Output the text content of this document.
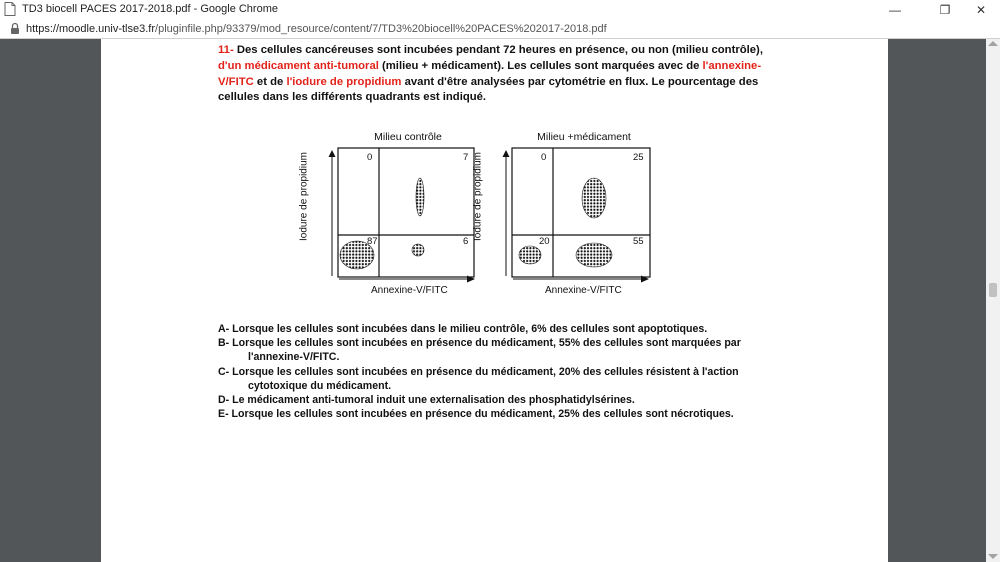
TD3 biocell PACES 2017-2018.pdf - Google Chrome	—	❐ ✕
https://moodle.univ-tlse3.fr/pluginfile.php/93379/mod_resource/content/7/TD3%20biocell%20PACES%202017-2018.pdf
11- Des cellules cancéreuses sont incubées pendant 72 heures en présence, ou non (milieu contrôle), d'un médicament anti-tumoral (milieu + médicament). Les cellules sont marquées avec de l'annexine-V/FITC et de l'iodure de propidium avant d'être analysées par cytométrie en flux. Le pourcentage des cellules dans les différents quadrants est indiqué.
Milieu contrôle
Iodure de propidium	0	7
87	6
Annexine-V/FITC
Milieu +médicament
Iodure de propidium	0	25
20	55
Annexine-V/FITC
A- Lorsque les cellules sont incubées dans le milieu contrôle, 6% des cellules sont apoptotiques.
B- Lorsque les cellules sont incubées en présence du médicament, 55% des cellules sont marquées par
l'annexine-V/FITC.
C- Lorsque les cellules sont incubées en présence du médicament, 20% des cellules résistent à l'action
cytotoxique du médicament.
D- Le médicament anti-tumoral induit une externalisation des phosphatidylsérines.
E- Lorsque les cellules sont incubées en présence du médicament, 25% des cellules sont nécrotiques.
